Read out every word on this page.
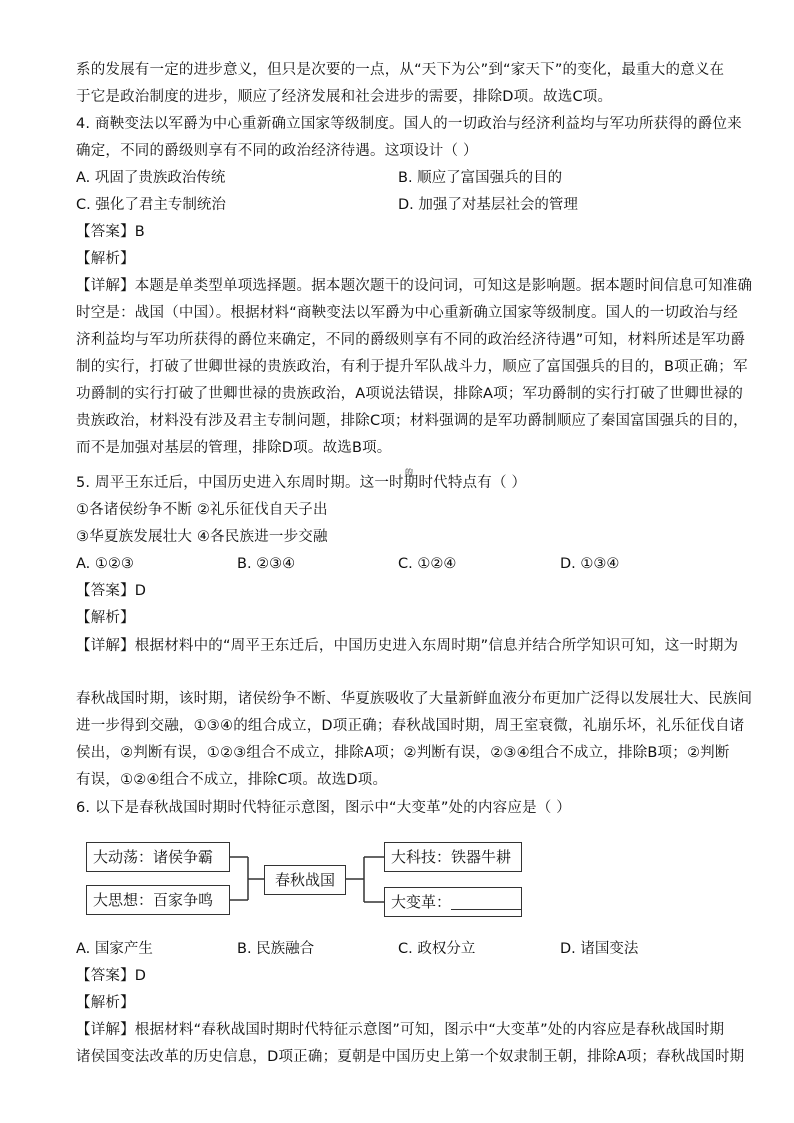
系的发展有一定的进步意义，但只是次要的一点，从“天下为公”到“家天下”的变化，最重大的意义在
于它是政治制度的进步，顺应了经济发展和社会进步的需要，排除D项。故选C项。
4. 商鞅变法以军爵为中心重新确立国家等级制度。国人的一切政治与经济利益均与军功所获得的爵位来
确定，不同的爵级则享有不同的政治经济待遇。这项设计（ ）
A. 巩固了贵族政治传统	B. 顺应了富国强兵的目的
C. 强化了君主专制统治	D. 加强了对基层社会的管理
【答案】B
【解析】
【详解】本题是单类型单项选择题。据本题次题干的设问词，可知这是影响题。据本题时间信息可知准确
时空是：战国（中国）。根据材料“商鞅变法以军爵为中心重新确立国家等级制度。国人的一切政治与经
济利益均与军功所获得的爵位来确定，不同的爵级则享有不同的政治经济待遇”可知，材料所述是军功爵
制的实行，打破了世卿世禄的贵族政治，有利于提升军队战斗力，顺应了富国强兵的目的，B项正确；军
功爵制的实行打破了世卿世禄的贵族政治，A项说法错误，排除A项；军功爵制的实行打破了世卿世禄的
贵族政治，材料没有涉及君主专制问题，排除C项；材料强调的是军功爵制顺应了秦国富国强兵的目的，
而不是加强对基层的管理，排除D项。故选B项。
5. 周平王东迁后，中国历史进入东周时期。这一时期时代特点有（ ）
的
①各诸侯纷争不断 ②礼乐征伐自天子出
③华夏族发展壮大 ④各民族进一步交融
A. ①②③	B. ②③④	C. ①②④	D. ①③④
【答案】D
【解析】
【详解】根据材料中的“周平王东迁后，中国历史进入东周时期”信息并结合所学知识可知，这一时期为
春秋战国时期，该时期，诸侯纷争不断、华夏族吸收了大量新鲜血液分布更加广泛得以发展壮大、民族间
进一步得到交融，①③④的组合成立，D项正确；春秋战国时期，周王室衰微，礼崩乐坏，礼乐征伐自诸
侯出，②判断有误，①②③组合不成立，排除A项；②判断有误，②③④组合不成立，排除B项；②判断
有误，①②④组合不成立，排除C项。故选D项。
6. 以下是春秋战国时期时代特征示意图，图示中“大变革”处的内容应是（ ）
大动荡：诸侯争霸
大思想：百家争鸣
春秋战国
大科技：铁器牛耕
大变革：
A. 国家产生	B. 民族融合	C. 政权分立	D. 诸国变法
【答案】D
【解析】
【详解】根据材料“春秋战国时期时代特征示意图”可知，图示中“大变革”处的内容应是春秋战国时期
诸侯国变法改革的历史信息，D项正确；夏朝是中国历史上第一个奴隶制王朝，排除A项；春秋战国时期
